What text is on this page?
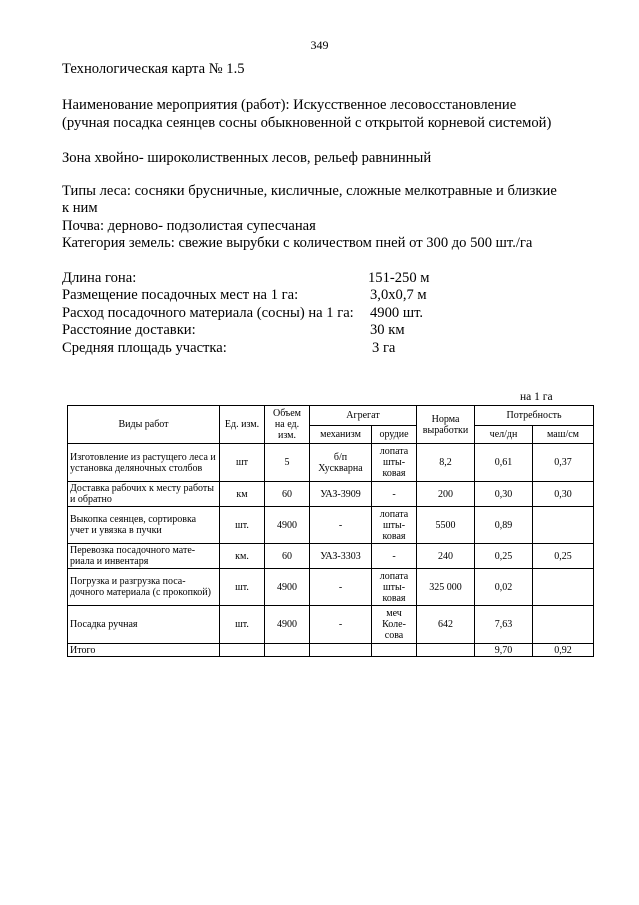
349
Технологическая карта № 1.5
Наименование мероприятия (работ): Искусственное лесовосстановление
(ручная посадка сеянцев сосны обыкновенной с открытой корневой системой)
Зона хвойно- широколиственных лесов, рельеф равнинный
Типы леса: сосняки брусничные, кисличные, сложные мелкотравные и близкие
к ним
Почва: дерново- подзолистая супесчаная
Категория земель: свежие вырубки с количеством пней от 300 до 500 шт./га
Длина гона:	151-250 м
Размещение посадочных мест на 1 га:	3,0х0,7 м
Расход посадочного материала (сосны) на 1 га: 4900 шт.
Расстояние доставки:	30 км
Средняя площадь участка:	3 га
на 1 га
Виды работ	Ед. изм.	Объем на ед. изм.	Агрегат		Норма выработки	Потребность	
			механизм	орудие		чел/дн	маш/см
Изготовление из растущего леса и установка деляночных столбов	шт	5	б/п Хускварна	лопата шты-ковая	8,2	0,61	0,37
Доставка рабочих к месту работы и обратно	км	60	УАЗ-3909	-	200	0,30	0,30
Выкопка сеянцев, сортировка учет и увязка в пучки	шт.	4900	-	лопата шты-ковая	5500	0,89	
Перевозка посадочного мате-риала и инвентаря	км.	60	УАЗ-3303	-	240	0,25	0,25
Погрузка и разгрузка поса-дочного материала (с прокопкой)	шт.	4900	-	лопата шты-ковая	325 000	0,02	
Посадка ручная	шт.	4900	-	меч Коле-сова	642	7,63	
Итого						9,70	0,92
